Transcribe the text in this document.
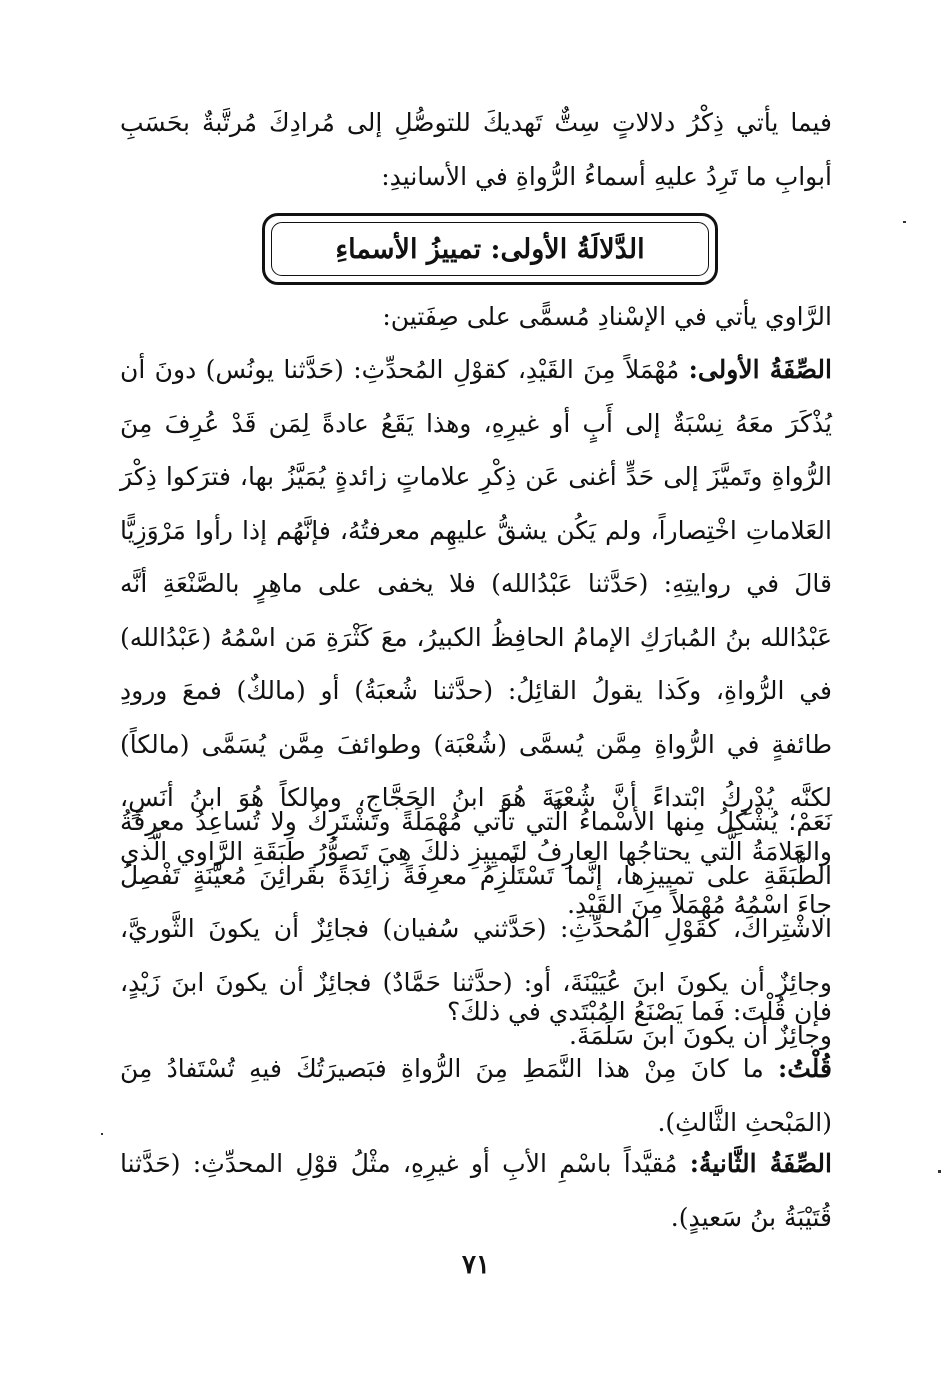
فيما يأتي ذِكْرُ دلالاتٍ سِتٌّ تَهديكَ للتوصُّلِ إلى مُرادِكَ مُرتَّبةٌ بحَسَبِ أبوابِ ما تَرِدُ عليهِ أسماءُ الرُّواةِ في الأسانيدِ:

الدَّلالَةُ الأولى: تمييزُ الأسماءِ

الرَّاوي يأتي في الإسْنادِ مُسمًّى على صِفَتين:

الصِّفَةُ الأولى: مُهْمَلاً مِنَ القَيْدِ، كقوْلِ المُحدِّثِ: (حَدَّثنا يونُس) دونَ أن يُذْكَرَ معَهُ نِسْبَةٌ إلى أَبٍ أو غيرِهِ، وهذا يَقَعُ عادةً لِمَن قَدْ عُرِفَ مِنَ الرُّواةِ وتَميَّزَ إلى حَدٍّ أغنى عَن ذِكْرِ علاماتٍ زائدةٍ يُمَيَّزُ بها، فترَكوا ذِكْرَ العَلاماتِ اخْتِصاراً، ولم يَكُن يشقُّ عليهِم معرفتُهُ، فإنَّهُم إذا رأوا مَرْوَزِيًّا قالَ في روايتِهِ: (حَدَّثنا عَبْدُالله) فلا يخفى على ماهِرٍ بالصَّنْعَةِ أنَّه عَبْدُالله بنُ المُبارَكِ الإمامُ الحافِظُ الكبيرُ، معَ كَثْرَةِ مَن اسْمُهُ (عَبْدُالله) في الرُّواةِ، وكَذا يقولُ القائِلُ: (حدَّثنا شُعبَةُ) أو (مالكٌ) فمعَ ورودِ طائفةٍ في الرُّواةِ مِمَّن يُسمَّى (شُعْبَة) وطوائفَ مِمَّن يُسَمَّى (مالكاً) لكنَّه يُدْرِكُ ابْتداءً أنَّ شُعْبَةَ هُوَ ابنُ الحَجَّاجِ، ومالكاً هُوَ ابنُ أنَسٍ، والعَلامَةُ الَّتي يحتاجُها العارِفُ لتَميِيزِ ذلكَ هِيَ تَصوُّرُ طَبَقَةِ الرَّاوي الَّذي جاءَ اسْمُهُ مُهْمَلاً مِنَ القَيْدِ.

نَعَمْ؛ يُشْكِلُ مِنها الأسْماءُ الَّتي تأتي مُهْمَلَةً وتَشْتَرِكُ ولا تُساعِدُ معرِفَةُ الطَّبَقَةِ على تمييزِها، إنَّما تَسْتَلْزِمُ معرِفَةً زائِدَةً بقَرائِنَ مُعيَّنَةٍ تَفْصِلُ الاشْتِراكَ، كقَوْلِ المُحدِّثِ: (حَدَّثني سُفيان) فجائِزٌ أن يكونَ الثَّوريَّ، وجائِزٌ أن يكونَ ابنَ عُيَيْنَةَ، أو: (حدَّثنا حَمَّادٌ) فجائِزٌ أن يكونَ ابنَ زَيْدٍ، وجائِزٌ أن يكونَ ابنَ سَلَمَةَ.

فإن قُلْتَ: فَما يَصْنَعُ المُبْتَدي في ذلكَ؟

قُلْتُ: ما كانَ مِنْ هذا النَّمَطِ مِنَ الرُّواةِ فبَصيرَتُكَ فيهِ تُسْتَفادُ مِنَ (المَبْحثِ الثَّالثِ).

الصِّفَةُ الثَّانيةُ: مُقيَّداً باسْمِ الأبِ أو غيرِهِ، مثْلُ قوْلِ المحدِّثِ: (حَدَّثنا قُتَيْبَةُ بنُ سَعيدٍ).

٧١
